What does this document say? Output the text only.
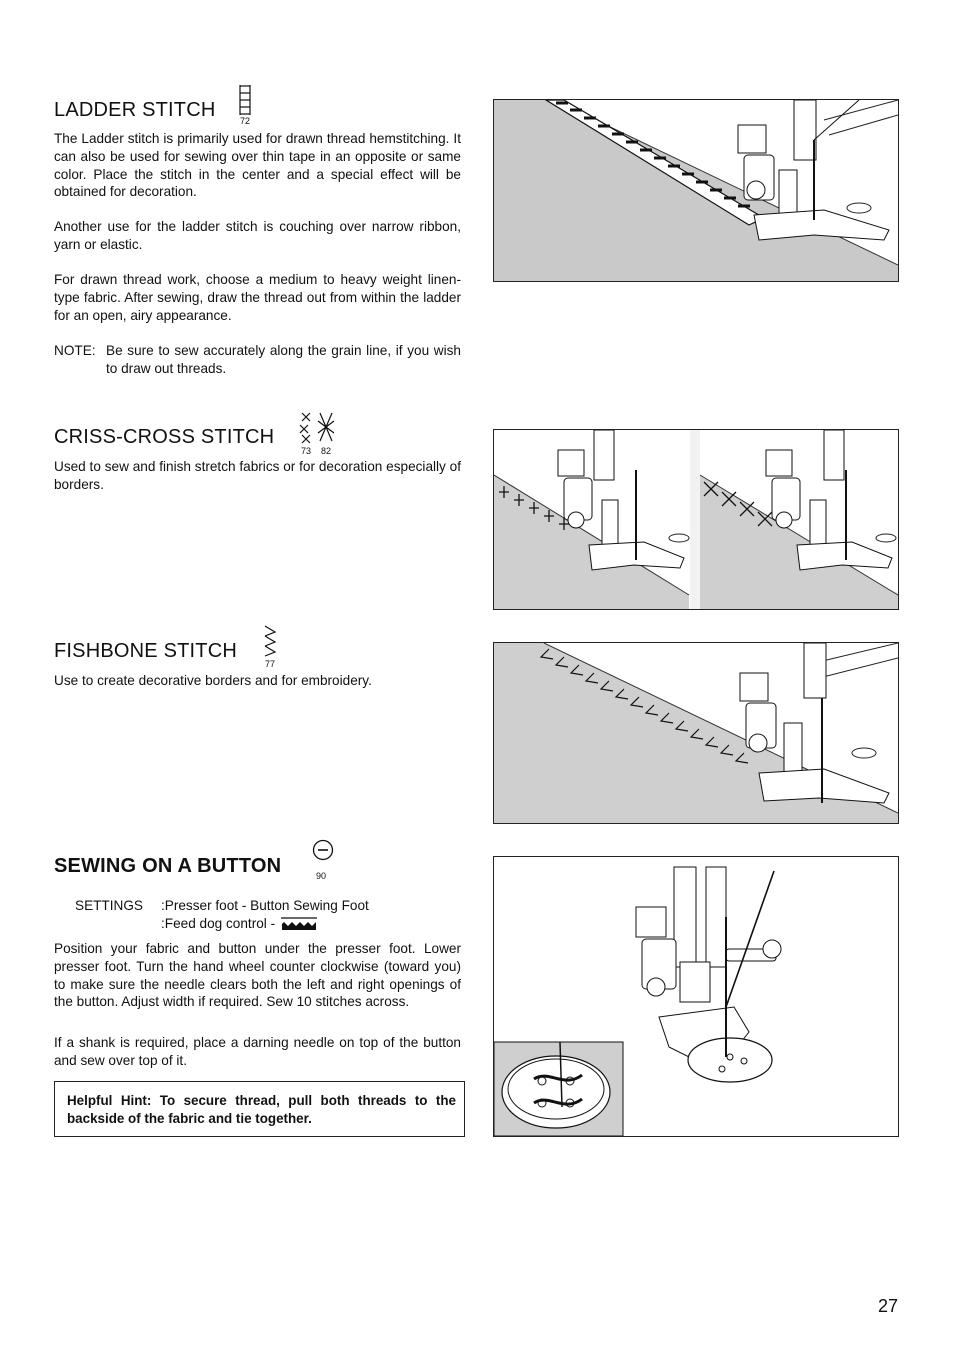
LADDER STITCH	72

The Ladder stitch is primarily used for drawn thread hemstitching. It can also be used for sewing over thin tape in an opposite or same color. Place the stitch in the center and a special effect will be obtained for decoration.

Another use for the ladder stitch is couching over narrow ribbon, yarn or elastic.

For drawn thread work, choose a medium to heavy weight linen-type fabric. After sewing, draw the thread out from within the ladder for an open, airy appearance.

NOTE: Be sure to sew accurately along the grain line, if you wish to draw out threads.
CRISS-CROSS STITCH
73 82

Used to sew and finish stretch fabrics or for decoration especially of borders.

FISHBONE STITCH
77

Use to create decorative borders and for embroidery.

SEWING ON A BUTTON	90
SETTINGS	:Presser foot - Button Sewing Foot
:Feed dog control -

Position your fabric and button under the presser foot. Lower presser foot. Turn the hand wheel counter clockwise (toward you) to make sure the needle clears both the left and right openings of the button. Adjust width if required. Sew 10 stitches across.

If a shank is required, place a darning needle on top of the button and sew over top of it.

Helpful Hint: To secure thread, pull both threads to the backside of the fabric and tie together.
27
